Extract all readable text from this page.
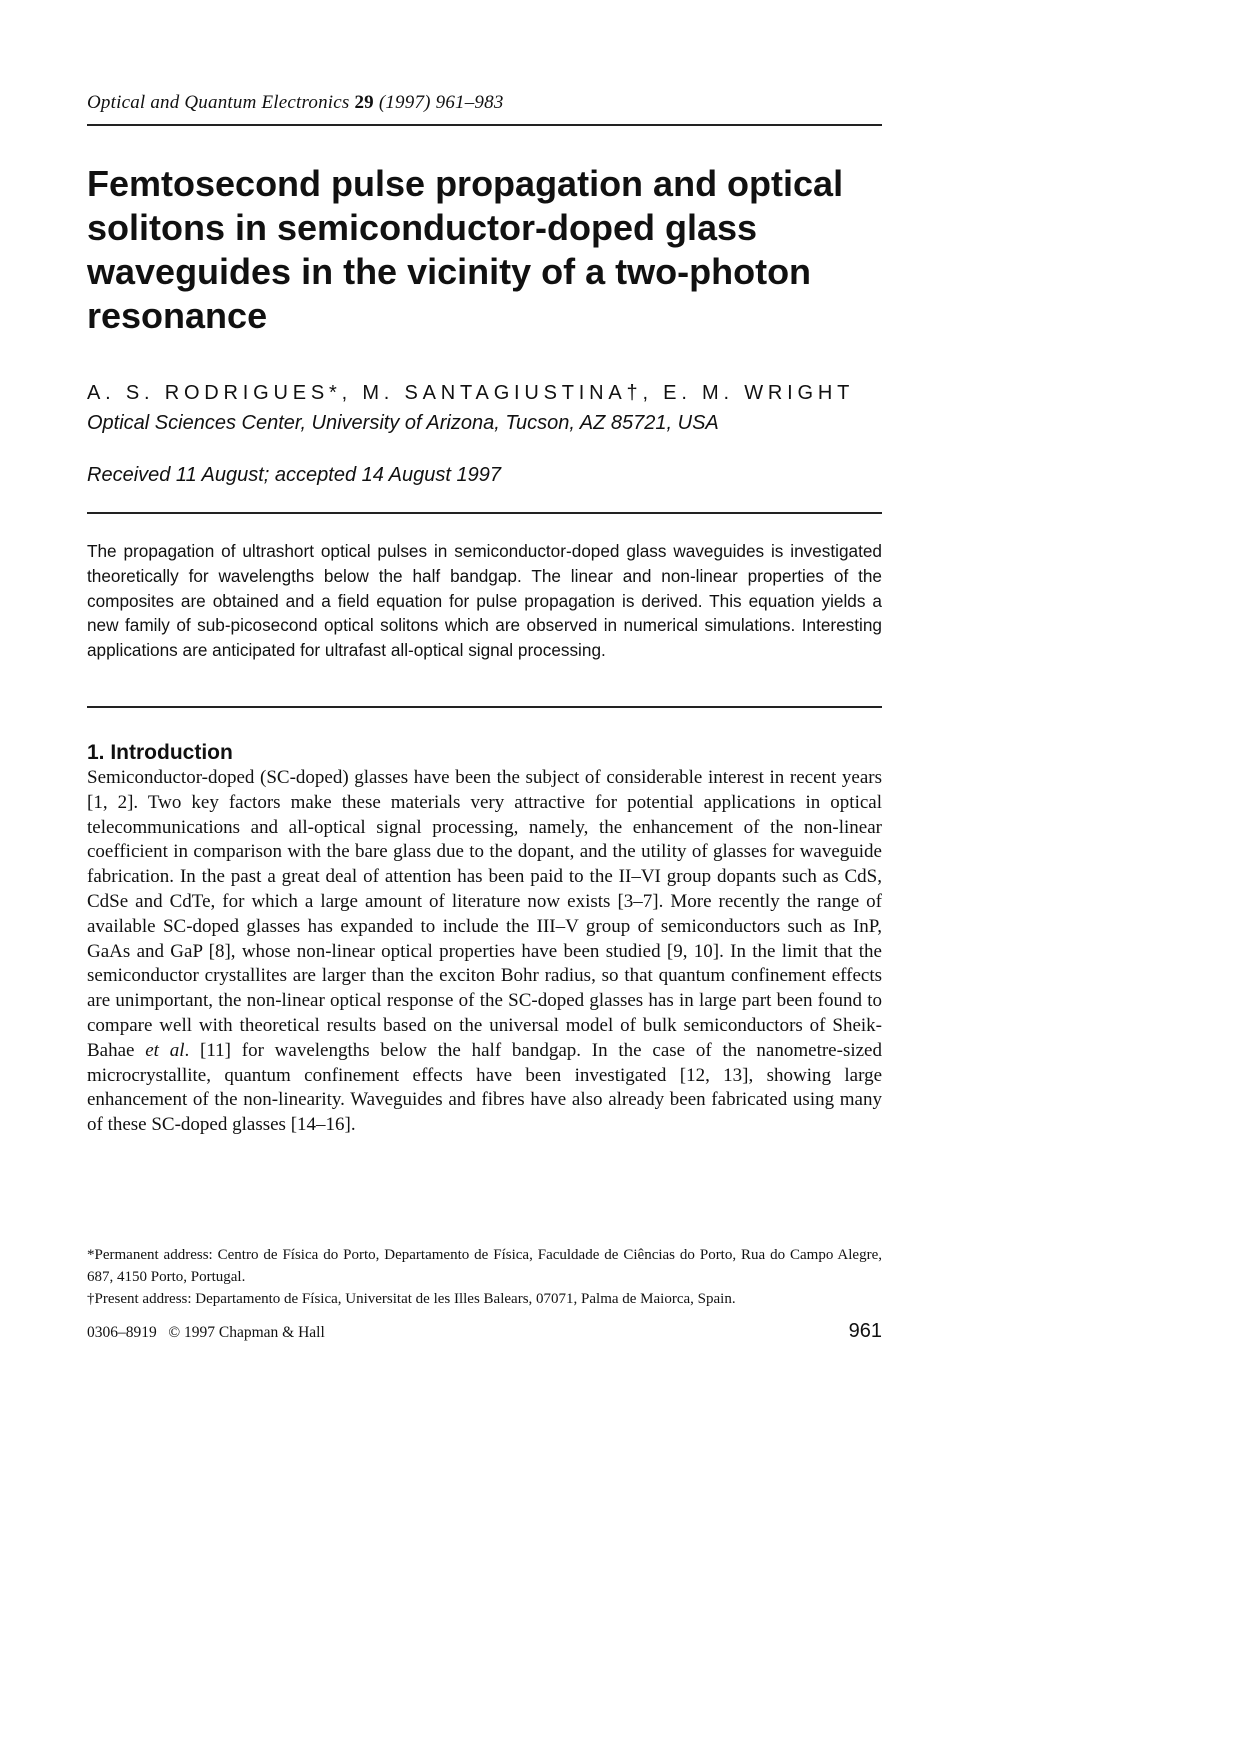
Optical and Quantum Electronics 29 (1997) 961–983
Femtosecond pulse propagation and optical solitons in semiconductor-doped glass waveguides in the vicinity of a two-photon resonance
A. S. RODRIGUES*, M. SANTAGIUSTINA†, E. M. WRIGHT
Optical Sciences Center, University of Arizona, Tucson, AZ 85721, USA
Received 11 August; accepted 14 August 1997

The propagation of ultrashort optical pulses in semiconductor-doped glass waveguides is investigated theoretically for wavelengths below the half bandgap. The linear and non-linear properties of the composites are obtained and a field equation for pulse propagation is derived. This equation yields a new family of sub-picosecond optical solitons which are observed in numerical simulations. Interesting applications are anticipated for ultrafast all-optical signal processing.

1. Introduction

Semiconductor-doped (SC-doped) glasses have been the subject of considerable interest in recent years [1, 2]. Two key factors make these materials very attractive for potential applications in optical telecommunications and all-optical signal processing, namely, the enhancement of the non-linear coefficient in comparison with the bare glass due to the dopant, and the utility of glasses for waveguide fabrication. In the past a great deal of attention has been paid to the II–VI group dopants such as CdS, CdSe and CdTe, for which a large amount of literature now exists [3–7]. More recently the range of available SC-doped glasses has expanded to include the III–V group of semiconductors such as InP, GaAs and GaP [8], whose non-linear optical properties have been studied [9, 10]. In the limit that the semiconductor crystallites are larger than the exciton Bohr radius, so that quantum confinement effects are unimportant, the non-linear optical response of the SC-doped glasses has in large part been found to compare well with theoretical results based on the universal model of bulk semiconductors of Sheik-Bahae et al. [11] for wavelengths below the half bandgap. In the case of the nanometre-sized microcrystallite, quantum confinement effects have been investigated [12, 13], showing large enhancement of the non-linearity. Waveguides and fibres have also already been fabricated using many of these SC-doped glasses [14–16].

*Permanent address: Centro de Física do Porto, Departamento de Física, Faculdade de Ciências do Porto, Rua do Campo Alegre, 687, 4150 Porto, Portugal.

†Present address: Departamento de Física, Universitat de les Illes Balears, 07071, Palma de Maiorca, Spain.

0306–8919 © 1997 Chapman & Hall	961
